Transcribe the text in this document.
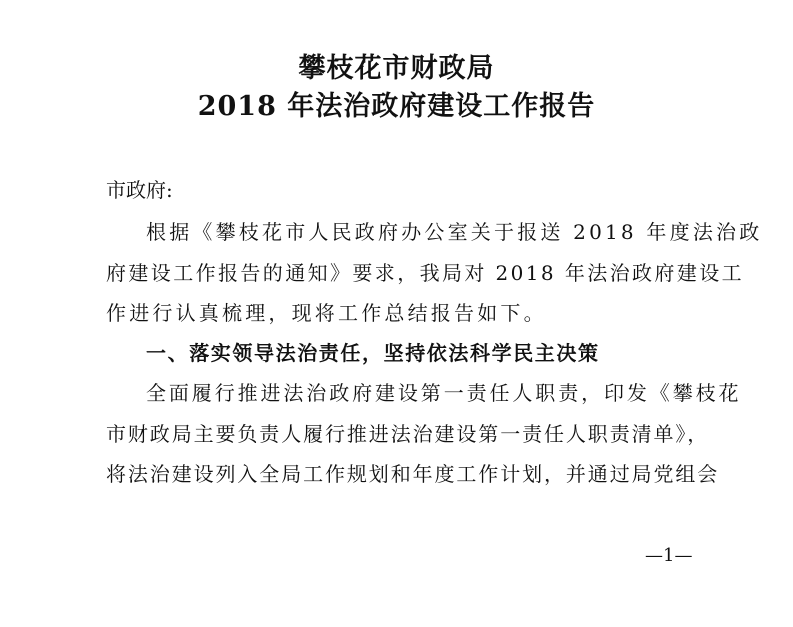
攀枝花市财政局
2018 年法治政府建设工作报告
市政府:
根据《攀枝花市人民政府办公室关于报送 2018 年度法治政
府建设工作报告的通知》要求，我局对 2018 年法治政府建设工
作进行认真梳理，现将工作总结报告如下。
一、落实领导法治责任，坚持依法科学民主决策
全面履行推进法治政府建设第一责任人职责，印发《攀枝花
市财政局主要负责人履行推进法治建设第一责任人职责清单》，
将法治建设列入全局工作规划和年度工作计划，并通过局党组会
—1—
